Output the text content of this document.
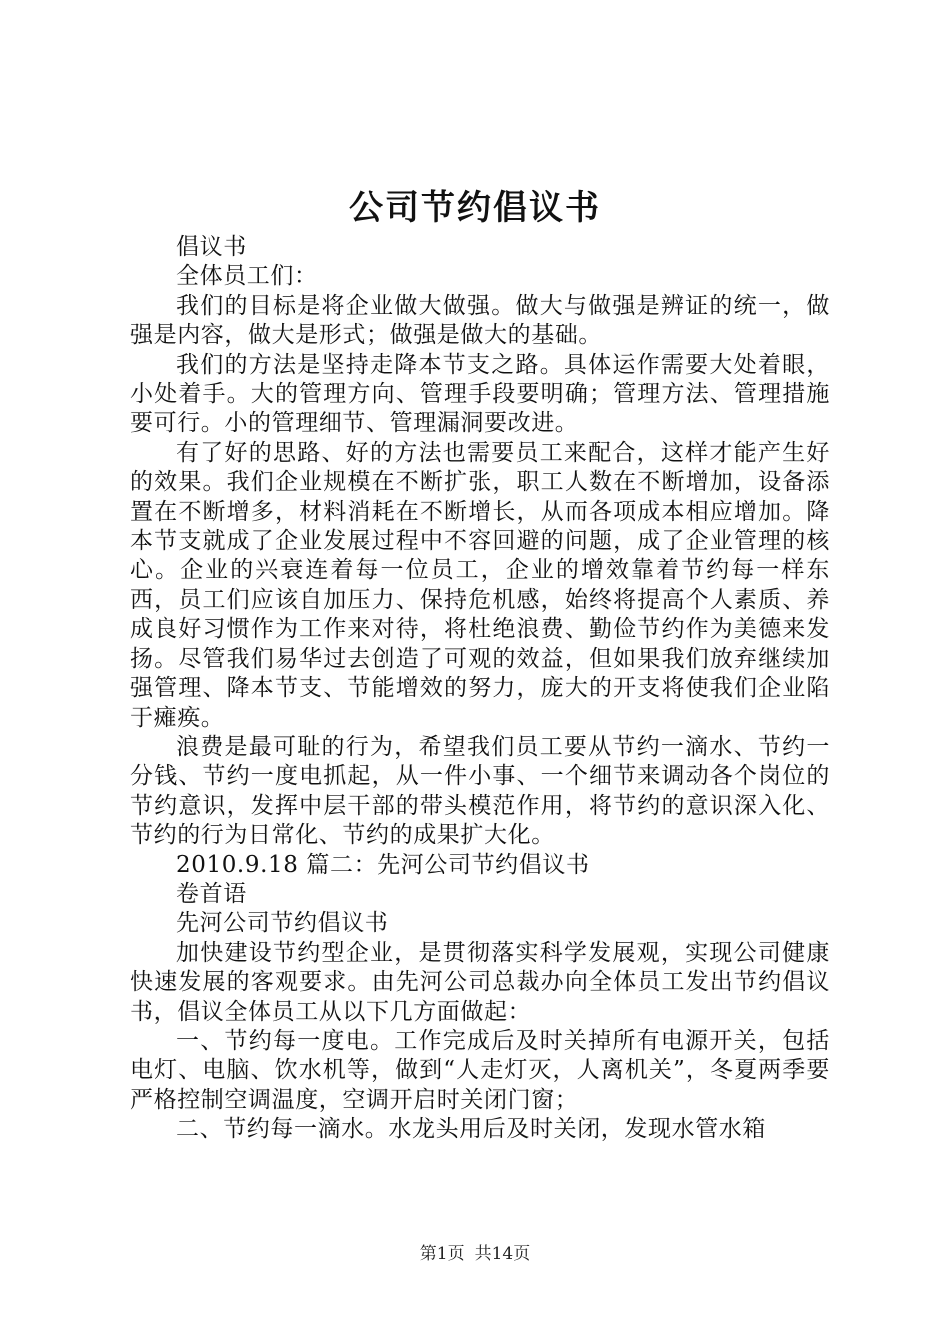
公司节约倡议书

倡议书

全体员工们：

我们的目标是将企业做大做强。做大与做强是辨证的统一，做强是内容，做大是形式；做强是做大的基础。

我们的方法是坚持走降本节支之路。具体运作需要大处着眼，小处着手。大的管理方向、管理手段要明确；管理方法、管理措施要可行。小的管理细节、管理漏洞要改进。

有了好的思路、好的方法也需要员工来配合，这样才能产生好的效果。我们企业规模在不断扩张，职工人数在不断增加，设备添置在不断增多，材料消耗在不断增长，从而各项成本相应增加。降本节支就成了企业发展过程中不容回避的问题，成了企业管理的核心。企业的兴衰连着每一位员工，企业的增效靠着节约每一样东西，员工们应该自加压力、保持危机感，始终将提高个人素质、养成良好习惯作为工作来对待，将杜绝浪费、勤俭节约作为美德来发扬。尽管我们易华过去创造了可观的效益，但如果我们放弃继续加强管理、降本节支、节能增效的努力，庞大的开支将使我们企业陷于瘫痪。

浪费是最可耻的行为，希望我们员工要从节约一滴水、节约一分钱、节约一度电抓起，从一件小事、一个细节来调动各个岗位的节约意识，发挥中层干部的带头模范作用，将节约的意识深入化、节约的行为日常化、节约的成果扩大化。

2010.9.18 篇二：先河公司节约倡议书

卷首语

先河公司节约倡议书

加快建设节约型企业，是贯彻落实科学发展观，实现公司健康快速发展的客观要求。由先河公司总裁办向全体员工发出节约倡议书，倡议全体员工从以下几方面做起：

一、节约每一度电。工作完成后及时关掉所有电源开关，包括电灯、电脑、饮水机等，做到“人走灯灭，人离机关”，冬夏两季要严格控制空调温度，空调开启时关闭门窗；

二、节约每一滴水。水龙头用后及时关闭，发现水管水箱

第1页 共14页
